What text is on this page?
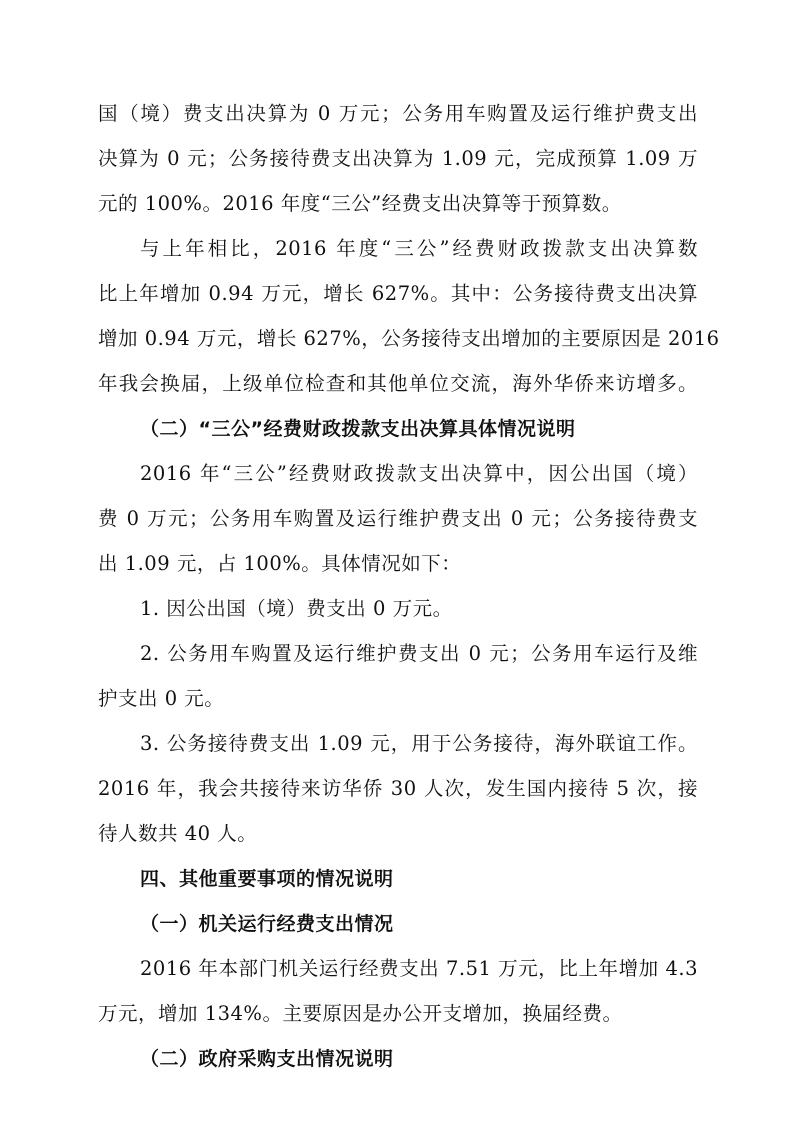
国（境）费支出决算为 0 万元；公务用车购置及运行维护费支出
决算为 0 元；公务接待费支出决算为 1.09 元，完成预算 1.09 万
元的 100%。2016 年度“三公”经费支出决算等于预算数。
与上年相比，2016 年度“三公”经费财政拨款支出决算数
比上年增加 0.94 万元，增长 627%。其中：公务接待费支出决算
增加 0.94 万元，增长 627%，公务接待支出增加的主要原因是 2016
年我会换届，上级单位检查和其他单位交流，海外华侨来访增多。
（二）“三公”经费财政拨款支出决算具体情况说明
2016 年“三公”经费财政拨款支出决算中，因公出国（境）
费 0 万元；公务用车购置及运行维护费支出 0 元；公务接待费支
出 1.09 元，占 100%。具体情况如下：
1. 因公出国（境）费支出 0 万元。
2. 公务用车购置及运行维护费支出 0 元；公务用车运行及维
护支出 0 元。
3. 公务接待费支出 1.09 元，用于公务接待，海外联谊工作。
2016 年，我会共接待来访华侨 30 人次，发生国内接待 5 次，接
待人数共 40 人。
四、其他重要事项的情况说明
（一）机关运行经费支出情况
2016 年本部门机关运行经费支出 7.51 万元，比上年增加 4.3
万元，增加 134%。主要原因是办公开支增加，换届经费。
（二）政府采购支出情况说明
